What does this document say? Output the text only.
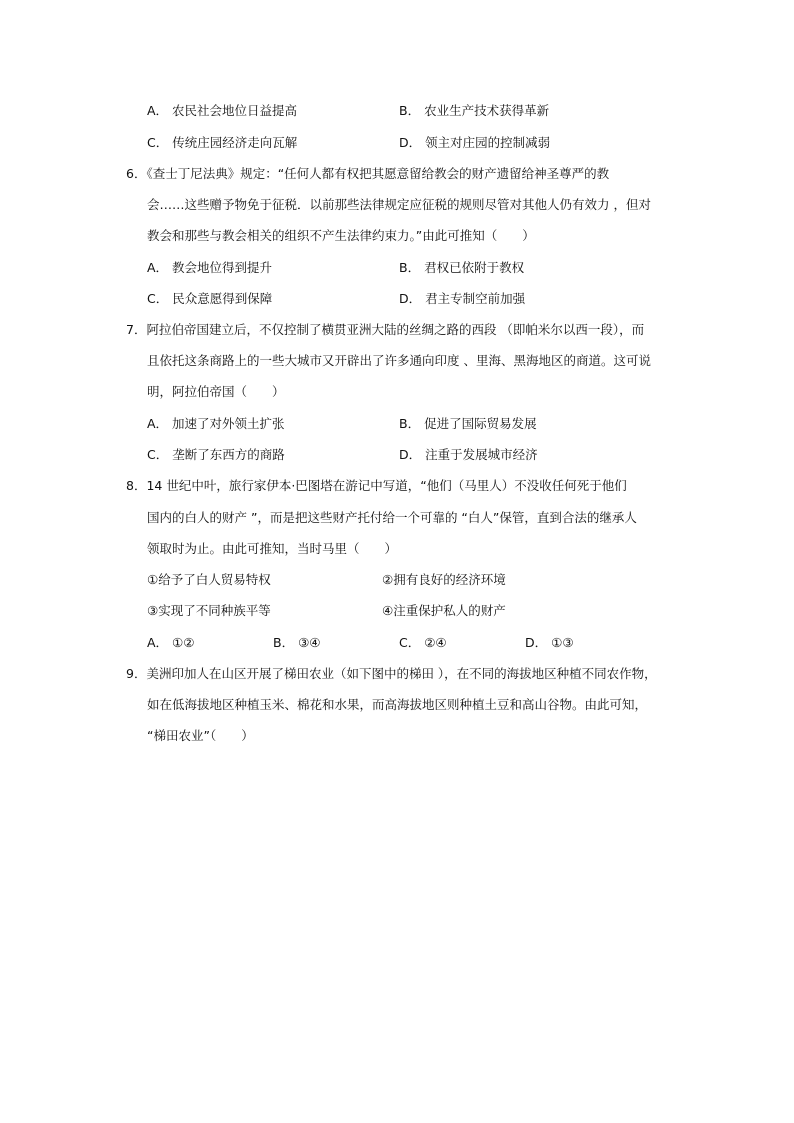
A． 农民社会地位日益提高	B． 农业生产技术获得革新
C． 传统庄园经济走向瓦解	D． 领主对庄园的控制减弱
6．《查士丁尼法典》规定：“任何人都有权把其愿意留给教会的财产遗留给神圣尊严的教
会……这些赠予物免于征税．以前那些法律规定应征税的规则尽管对其他人仍有效力 ，但对
教会和那些与教会相关的组织不产生法律约束力。”由此可推知（　　）
A． 教会地位得到提升	B． 君权已依附于教权
C． 民众意愿得到保障	D． 君主专制空前加强
7．阿拉伯帝国建立后，不仅控制了横贯亚洲大陆的丝绸之路的西段 （即帕米尔以西一段），而
且依托这条商路上的一些大城市又开辟出了许多通向印度 、里海、黑海地区的商道。这可说
明，阿拉伯帝国（　　）
A． 加速了对外领土扩张	B． 促进了国际贸易发展
C． 垄断了东西方的商路	D． 注重于发展城市经济
8．14 世纪中叶，旅行家伊本·巴图塔在游记中写道，“他们（马里人）不没收任何死于他们
国内的白人的财产 ”，而是把这些财产托付给一个可靠的 “白人”保管，直到合法的继承人
领取时为止。由此可推知，当时马里（　　）
①给予了白人贸易特权	②拥有良好的经济环境
③实现了不同种族平等	④注重保护私人的财产
A． ①②	B． ③④	C． ②④	D． ①③
9．美洲印加人在山区开展了梯田农业（如下图中的梯田 ），在不同的海拔地区种植不同农作物，
如在低海拔地区种植玉米、棉花和水果，而高海拔地区则种植土豆和高山谷物。由此可知，
“梯田农业”（　　）
